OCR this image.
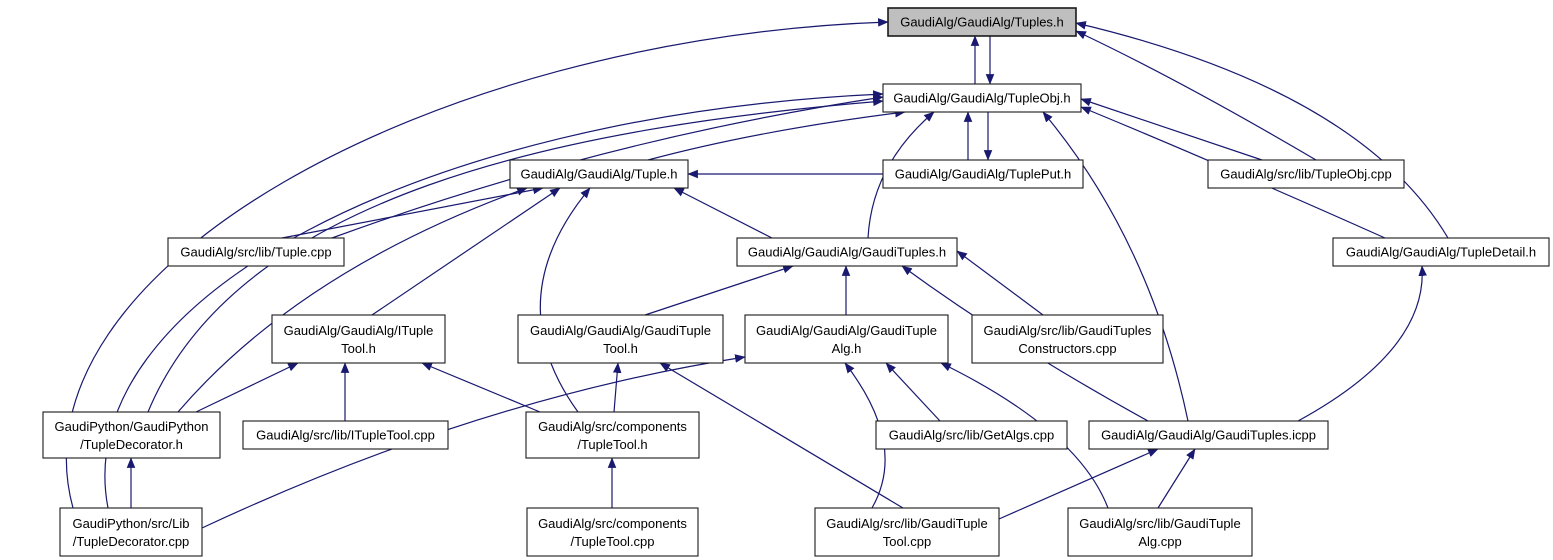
GaudiAlg/GaudiAlg/Tuples.h
GaudiAlg/GaudiAlg/TupleObj.h
GaudiAlg/GaudiAlg/Tuple.h	GaudiAlg/GaudiAlg/TuplePut.h	GaudiAlg/src/lib/TupleObj.cpp
GaudiAlg/src/lib/Tuple.cpp	GaudiAlg/GaudiAlg/GaudiTuples.h	GaudiAlg/GaudiAlg/TupleDetail.h
GaudiAlg/GaudiAlg/ITuple
Tool.h
GaudiAlg/GaudiAlg/GaudiTuple
Tool.h
GaudiAlg/GaudiAlg/GaudiTuple
Alg.h
GaudiAlg/src/lib/GaudiTuples
Constructors.cpp
GaudiPython/GaudiPython
/TupleDecorator.h
GaudiAlg/src/lib/ITupleTool.cpp
GaudiAlg/src/components
/TupleTool.h
GaudiAlg/src/lib/GetAlgs.cpp	GaudiAlg/GaudiAlg/GaudiTuples.icpp
GaudiPython/src/Lib
/TupleDecorator.cpp
GaudiAlg/src/components
/TupleTool.cpp
GaudiAlg/src/lib/GaudiTuple
Tool.cpp
GaudiAlg/src/lib/GaudiTuple
Alg.cpp
